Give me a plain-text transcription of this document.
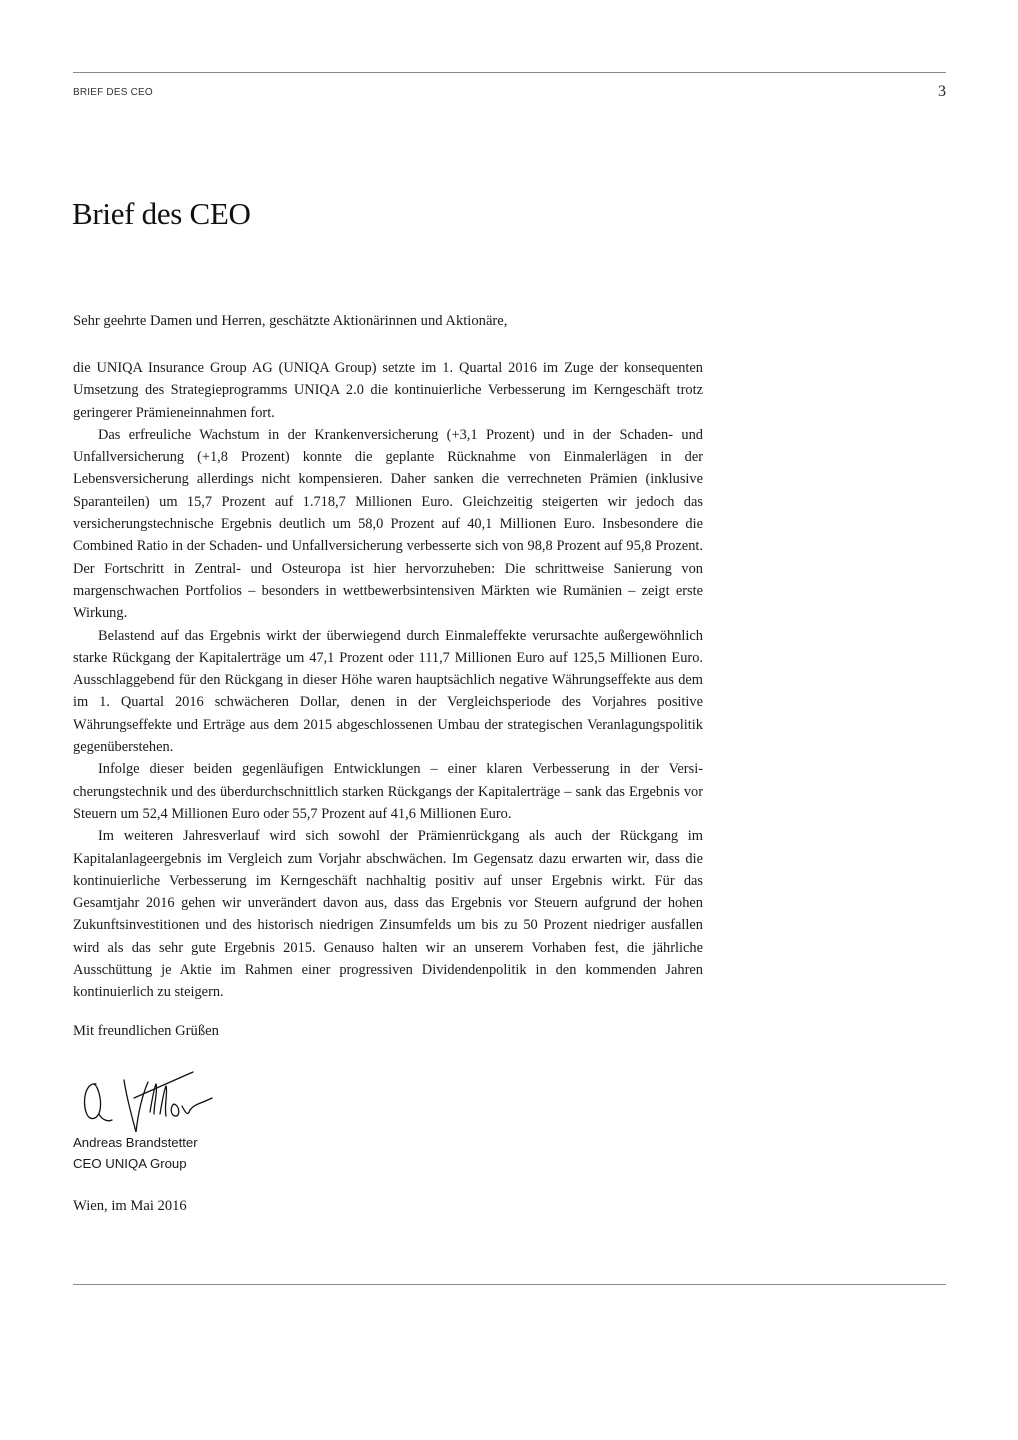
BRIEF DES CEO	3
Brief des CEO

Sehr geehrte Damen und Herren, geschätzte Aktionärinnen und Aktionäre,

die UNIQA Insurance Group AG (UNIQA Group) setzte im 1. Quartal 2016 im Zuge der konsequenten Umsetzung des Strategieprogramms UNIQA 2.0 die kontinuierliche Verbesserung im Kerngeschäft trotz geringerer Prämieneinnahmen fort.

Das erfreuliche Wachstum in der Krankenversicherung (+3,1 Prozent) und in der Schaden- und Unfallversicherung (+1,8 Prozent) konnte die geplante Rücknahme von Einmalerlägen in der Lebensversicherung allerdings nicht kompensieren. Daher sanken die verrechneten Prämien (inklusive Sparanteilen) um 15,7 Prozent auf 1.718,7 Millionen Euro. Gleichzeitig steigerten wir jedoch das versicherungstechnische Ergebnis deutlich um 58,0 Prozent auf 40,1 Millionen Euro. Insbesondere die Combined Ratio in der Schaden- und Unfallversicherung verbesserte sich von 98,8 Prozent auf 95,8 Prozent. Der Fortschritt in Zentral- und Osteuropa ist hier hervorzuheben: Die schrittweise Sanierung von margenschwachen Portfolios – besonders in wettbewerbsintensiven Märkten wie Rumänien – zeigt erste Wirkung.

Belastend auf das Ergebnis wirkt der überwiegend durch Einmaleffekte verursachte außergewöhnlich starke Rückgang der Kapitalerträge um 47,1 Prozent oder 111,7 Millionen Euro auf 125,5 Millionen Euro. Ausschlaggebend für den Rückgang in dieser Höhe waren hauptsächlich negative Währungseffekte aus dem im 1. Quartal 2016 schwächeren Dollar, denen in der Vergleichsperiode des Vorjahres positive Währungseffekte und Erträge aus dem 2015 abgeschlossenen Umbau der strategischen Veranlagungspolitik gegenüberstehen.

Infolge dieser beiden gegenläufigen Entwicklungen – einer klaren Verbesserung in der Versicherungstechnik und des überdurchschnittlich starken Rückgangs der Kapitalerträge – sank das Ergebnis vor Steuern um 52,4 Millionen Euro oder 55,7 Prozent auf 41,6 Millionen Euro.

Im weiteren Jahresverlauf wird sich sowohl der Prämienrückgang als auch der Rückgang im Kapitalanlageergebnis im Vergleich zum Vorjahr abschwächen. Im Gegensatz dazu erwarten wir, dass die kontinuierliche Verbesserung im Kerngeschäft nachhaltig positiv auf unser Ergebnis wirkt. Für das Gesamtjahr 2016 gehen wir unverändert davon aus, dass das Ergebnis vor Steuern aufgrund der hohen Zukunftsinvestitionen und des historisch niedrigen Zinsumfelds um bis zu 50 Prozent niedriger ausfallen wird als das sehr gute Ergebnis 2015. Genauso halten wir an unserem Vorhaben fest, die jährliche Ausschüttung je Aktie im Rahmen einer progressiven Dividendenpolitik in den kommenden Jahren kontinuierlich zu steigern.

Mit freundlichen Grüßen
Andreas Brandstetter
CEO UNIQA Group
Wien, im Mai 2016
